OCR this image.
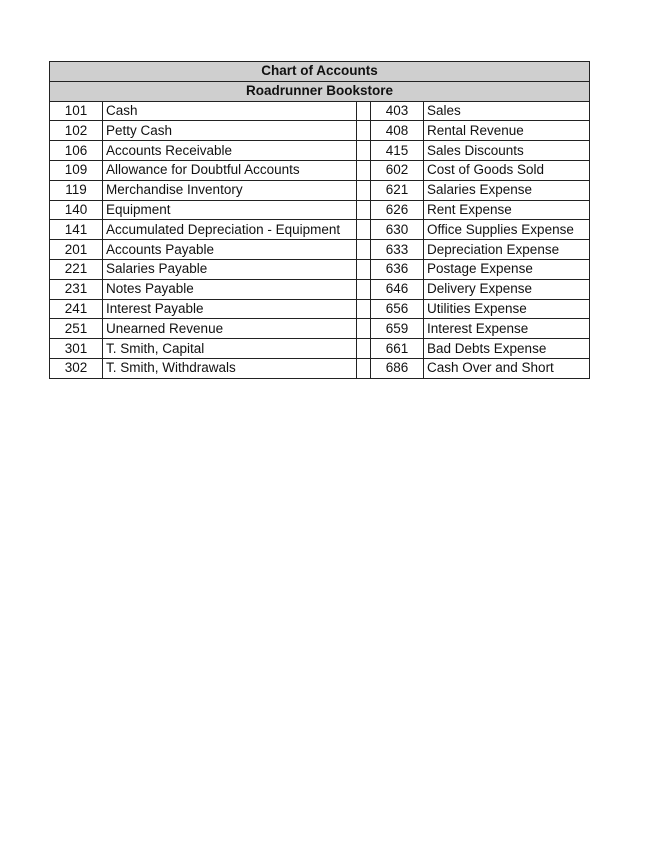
Chart of Accounts				
Roadrunner Bookstore				
101	Cash		403	Sales
102	Petty Cash		408	Rental Revenue
106	Accounts Receivable		415	Sales Discounts
109	Allowance for Doubtful Accounts		602	Cost of Goods Sold
119	Merchandise Inventory		621	Salaries Expense
140	Equipment		626	Rent Expense
141	Accumulated Depreciation - Equipment		630	Office Supplies Expense
201	Accounts Payable		633	Depreciation Expense
221	Salaries Payable		636	Postage Expense
231	Notes Payable		646	Delivery Expense
241	Interest Payable		656	Utilities Expense
251	Unearned Revenue		659	Interest Expense
301	T. Smith, Capital		661	Bad Debts Expense
302	T. Smith, Withdrawals		686	Cash Over and Short
